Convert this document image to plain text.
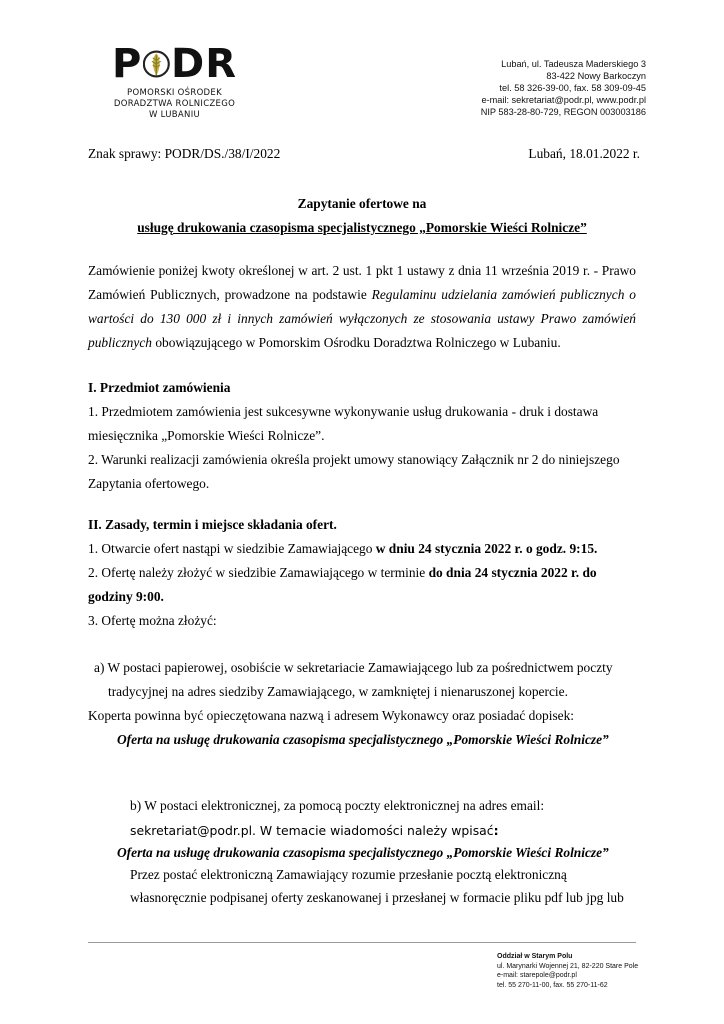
P DR
POMORSKI OŚRODEK
DORADZTWA ROLNICZEGO
W LUBANIU
Lubań, ul. Tadeusza Maderskiego 3
83-422 Nowy Barkoczyn
tel. 58 326-39-00, fax. 58 309-09-45
e-mail: sekretariat@podr.pl, www.podr.pl
NIP 583-28-80-729, REGON 003003186
Znak sprawy: PODR/DS./38/I/2022	Lubań, 18.01.2022 r.
Zapytanie ofertowe na
usługę drukowania czasopisma specjalistycznego „Pomorskie Wieści Rolnicze”
Zamówienie poniżej kwoty określonej w art. 2 ust. 1 pkt 1 ustawy z dnia 11 września 2019 r. - Prawo
Zamówień Publicznych, prowadzone na podstawie Regulaminu udzielania zamówień publicznych o
wartości do 130 000 zł i innych zamówień wyłączonych ze stosowania ustawy Prawo zamówień
publicznych obowiązującego w Pomorskim Ośrodku Doradztwa Rolniczego w Lubaniu.
I. Przedmiot zamówienia
1. Przedmiotem zamówienia jest sukcesywne wykonywanie usług drukowania - druk i dostawa
miesięcznika „Pomorskie Wieści Rolnicze”.
2. Warunki realizacji zamówienia określa projekt umowy stanowiący Załącznik nr 2 do niniejszego
Zapytania ofertowego.
II. Zasady, termin i miejsce składania ofert.
1. Otwarcie ofert nastąpi w siedzibie Zamawiającego w dniu 24 stycznia 2022 r. o godz. 9:15.
2. Ofertę należy złożyć w siedzibie Zamawiającego w terminie do dnia 24 stycznia 2022 r. do
godziny 9:00.
3. Ofertę można złożyć:
a) W postaci papierowej, osobiście w sekretariacie Zamawiającego lub za pośrednictwem poczty
tradycyjnej na adres siedziby Zamawiającego, w zamkniętej i nienaruszonej kopercie.
Koperta powinna być opieczętowana nazwą i adresem Wykonawcy oraz posiadać dopisek:
Oferta na usługę drukowania czasopisma specjalistycznego „Pomorskie Wieści Rolnicze”
b) W postaci elektronicznej, za pomocą poczty elektronicznej na adres email:
sekretariat@podr.pl. W temacie wiadomości należy wpisać:
Oferta na usługę drukowania czasopisma specjalistycznego „Pomorskie Wieści Rolnicze”
Przez postać elektroniczną Zamawiający rozumie przesłanie pocztą elektroniczną
własnoręcznie podpisanej oferty zeskanowanej i przesłanej w formacie pliku pdf lub jpg lub
Oddział w Starym Polu
ul. Marynarki Wojennej 21, 82-220 Stare Pole
e-mail: starepole@podr.pl
tel. 55 270-11-00, fax. 55 270-11-62
